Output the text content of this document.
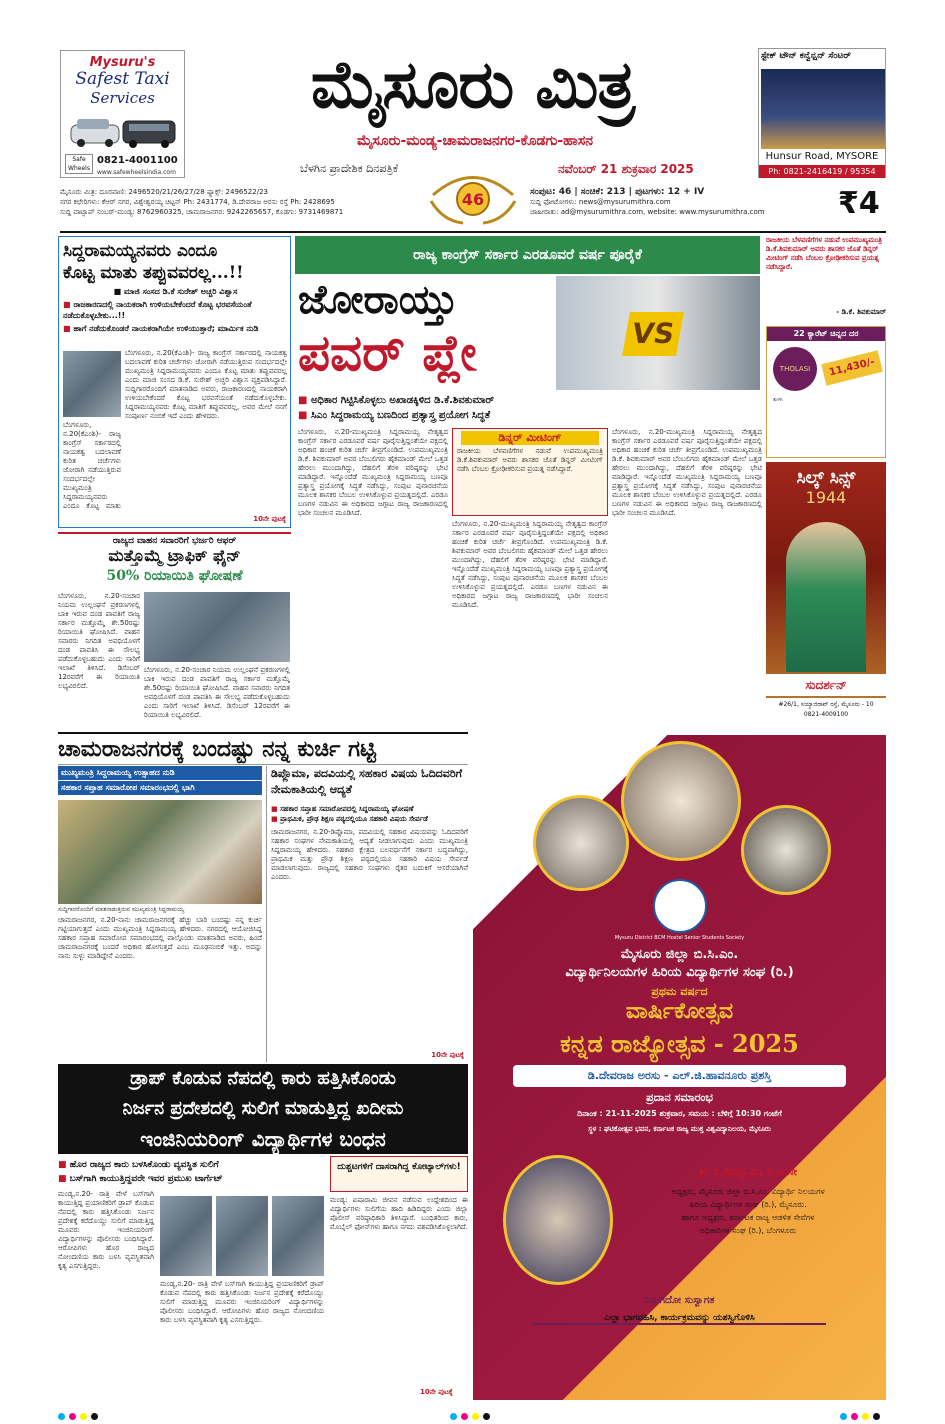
Mysuru's
Safest Taxi
Services
Safe Wheels
0821-4001100
www.safewheelsindia.com
ಮೈಸೂರು ಮಿತ್ರ
ಮೈಸೂರು-ಮಂಡ್ಯ-ಚಾಮರಾಜನಗರ-ಕೊಡಗು-ಹಾಸನ
ಬೆಳಗಿನ ಪ್ರಾದೇಶಿಕ ದಿನಪತ್ರಿಕೆ	ನವೆಂಬರ್ 21 ಶುಕ್ರವಾರ 2025
46
ಸ್ಟೇಕ್ ಟೌನ್ ಕನ್ವೆನ್ಷನ್ ಸೆಂಟರ್
Hunsur Road, MYSORE
Ph: 0821-2416419 / 95354 91919
ಮೈಸೂರು ಮಿತ್ರ: ದೂರವಾಣಿ: 2496520/21/26/27/28 ಫ್ಯಾಕ್ಸ್: 2496522/23
ನಗರ ಕಛೇರಿಗಳು: ಕೆಆರ್ ನಗರ, ವಿಶ್ವೇಶ್ವರಯ್ಯ ಚಿಟ್ಟನ್ Ph: 2431774, ಡಿ.ದೇವರಾಜ ಅರಸು ರಸ್ತೆ Ph: 2428695
ಸುದ್ದಿ ವಾಟ್ಸಾಪ್ ನಂಬರ್-ಮಂಡ್ಯ: 8762960325, ಚಾಮರಾಜನಗರ: 9242265657, ಕೊಡಗು: 9731469871
ಸಂಪುಟ: 46 | ಸಂಚಿಕೆ: 213 | ಪುಟಗಳು: 12 + IV
ಸುದ್ದಿ ಫೋಟೋಗಳು: news@mysurumithra.com
ಜಾಹೀರಾತು: ad@mysurumithra.com, website: www.mysurumithra.com	₹4
ಸಿದ್ದರಾಮಯ್ಯನವರು ಎಂದೂ
ಕೊಟ್ಟ ಮಾತು ತಪ್ಪುವವರಲ್ಲ...!!
■ ಮಾಜಿ ಸಂಸದ ಡಿ.ಕೆ ಸುರೇಶ್ ಅಚ್ಚರಿ ವಿಶ್ವಾಸ
■ ರಾಜಕಾರಣದಲ್ಲಿ ನಾಯಕರಾಗಿ ಉಳಿಯಬೇಕೆಂದರೆ ಕೊಟ್ಟ ಭರವಸೆಯಂತೆ ನಡೆದುಕೊಳ್ಳಬೇಕು...!!
■ ಹಾಗೆ ನಡೆದುಕೊಂಡರೆ ನಾಯಕರಾಗಿಯೇ ಉಳಿಯುತ್ತಾರೆ; ಮಾರ್ಮಿಕ ನುಡಿ
ಬೆಂಗಳೂರು, ನ.20(ಕೆಎಂಶಿ)- ರಾಜ್ಯ ಕಾಂಗ್ರೆಸ್ ಸರ್ಕಾರದಲ್ಲಿ ನಾಯಕತ್ವ ಬದಲಾವಣೆ ಕುರಿತ ಚರ್ಚೆಗಳು ಜೋರಾಗಿ ನಡೆಯುತ್ತಿರುವ ಸಂದರ್ಭದಲ್ಲೇ ಮುಖ್ಯಮಂತ್ರಿ ಸಿದ್ದರಾಮಯ್ಯನವರು ಎಂದೂ ಕೊಟ್ಟ ಮಾತು ತಪ್ಪುವವರಲ್ಲ ಎಂದು ಮಾಜಿ ಸಂಸದ ಡಿ.ಕೆ. ಸುರೇಶ್ ಅಚ್ಚರಿ ವಿಶ್ವಾಸ ವ್ಯಕ್ತಪಡಿಸಿದ್ದಾರೆ. ಸುದ್ದಿಗಾರರೊಂದಿಗೆ ಮಾತನಾಡಿದ ಅವರು, ರಾಜಕಾರಣದಲ್ಲಿ ನಾಯಕರಾಗಿ ಉಳಿಯಬೇಕೆಂದರೆ ಕೊಟ್ಟ ಭರವಸೆಯಂತೆ ನಡೆದುಕೊಳ್ಳಬೇಕು. ಸಿದ್ದರಾಮಯ್ಯನವರು ಕೊಟ್ಟ ಮಾತಿಗೆ ತಪ್ಪುವವರಲ್ಲ, ಅವರ ಮೇಲೆ ನನಗೆ ಸಂಪೂರ್ಣ ನಂಬಿಕೆ ಇದೆ ಎಂದು ಹೇಳಿದರು.
ಬೆಂಗಳೂರು, ನ.20(ಕೆಎಂಶಿ)- ರಾಜ್ಯ ಕಾಂಗ್ರೆಸ್ ಸರ್ಕಾರದಲ್ಲಿ ನಾಯಕತ್ವ ಬದಲಾವಣೆ ಕುರಿತ ಚರ್ಚೆಗಳು ಜೋರಾಗಿ ನಡೆಯುತ್ತಿರುವ ಸಂದರ್ಭದಲ್ಲೇ ಮುಖ್ಯಮಂತ್ರಿ ಸಿದ್ದರಾಮಯ್ಯನವರು ಎಂದೂ ಕೊಟ್ಟ ಮಾತು
10ನೇ ಪುಟಕ್ಕೆ
ರಾಜ್ಯ ಕಾಂಗ್ರೆಸ್ ಸರ್ಕಾರ ಎರಡೂವರೆ ವರ್ಷ ಪೂರೈಕೆ
ಜೋರಾಯ್ತು
ಪವರ್ ಪ್ಲೇ	VS
■ ಅಧಿಕಾರ ಗಿಟ್ಟಿಸಿಕೊಳ್ಳಲು ಅಖಾಡಕ್ಕಿಳಿದ ಡಿ.ಕೆ.ಶಿವಕುಮಾರ್
■ ಸಿಎಂ ಸಿದ್ದರಾಮಯ್ಯ ಬಣದಿಂದ ಪ್ರತ್ಯಾಸ್ತ್ರ ಪ್ರಯೋಗ ಸಿದ್ಧತೆ
ಬೆಂಗಳೂರು, ನ.20-ಮುಖ್ಯಮಂತ್ರಿ ಸಿದ್ದರಾಮಯ್ಯ ನೇತೃತ್ವದ ಕಾಂಗ್ರೆಸ್ ಸರ್ಕಾರ ಎರಡೂವರೆ ವರ್ಷ ಪೂರೈಸುತ್ತಿದ್ದಂತೆಯೇ ಪಕ್ಷದಲ್ಲಿ ಅಧಿಕಾರ ಹಂಚಿಕೆ ಕುರಿತ ಚರ್ಚೆ ತೀವ್ರಗೊಂಡಿದೆ. ಉಪಮುಖ್ಯಮಂತ್ರಿ ಡಿ.ಕೆ. ಶಿವಕುಮಾರ್ ಅವರ ಬೆಂಬಲಿಗರು ಹೈಕಮಾಂಡ್ ಮೇಲೆ ಒತ್ತಡ ಹೇರಲು ಮುಂದಾಗಿದ್ದು, ದೆಹಲಿಗೆ ತೆರಳಿ ವರಿಷ್ಠರನ್ನು ಭೇಟಿ ಮಾಡಿದ್ದಾರೆ. ಇನ್ನೊಂದೆಡೆ ಮುಖ್ಯಮಂತ್ರಿ ಸಿದ್ದರಾಮಯ್ಯ ಬಣವೂ ಪ್ರತ್ಯಾಸ್ತ್ರ ಪ್ರಯೋಗಕ್ಕೆ ಸಿದ್ಧತೆ ನಡೆಸಿದ್ದು, ಸಂಪುಟ ಪುನಾರಚನೆಯ ಮೂಲಕ ಶಾಸಕರ ಬೆಂಬಲ ಉಳಿಸಿಕೊಳ್ಳುವ ಪ್ರಯತ್ನದಲ್ಲಿದೆ. ಎರಡೂ ಬಣಗಳ ನಡುವಿನ ಈ ಅಧಿಕಾರದ ಜಗ್ಗಾಟ ರಾಜ್ಯ ರಾಜಕಾರಣದಲ್ಲಿ ಭಾರೀ ಸಂಚಲನ ಮೂಡಿಸಿದೆ.
ಡಿನ್ನರ್ ಮೀಟಿಂಗ್
ರಾಜಕೀಯ ಬೆಳವಣಿಗೆಗಳ ನಡುವೆ ಉಪಮುಖ್ಯಮಂತ್ರಿ ಡಿ.ಕೆ.ಶಿವಕುಮಾರ್ ಅವರು ಶಾಸಕರ ಜೊತೆ ಡಿನ್ನರ್ ಮೀಟಿಂಗ್ ನಡೆಸಿ ಬೆಂಬಲ ಕ್ರೋಢೀಕರಿಸುವ ಪ್ರಯತ್ನ ನಡೆಸಿದ್ದಾರೆ.
ಬೆಂಗಳೂರು, ನ.20-ಮುಖ್ಯಮಂತ್ರಿ ಸಿದ್ದರಾಮಯ್ಯ ನೇತೃತ್ವದ ಕಾಂಗ್ರೆಸ್ ಸರ್ಕಾರ ಎರಡೂವರೆ ವರ್ಷ ಪೂರೈಸುತ್ತಿದ್ದಂತೆಯೇ ಪಕ್ಷದಲ್ಲಿ ಅಧಿಕಾರ ಹಂಚಿಕೆ ಕುರಿತ ಚರ್ಚೆ ತೀವ್ರಗೊಂಡಿದೆ. ಉಪಮುಖ್ಯಮಂತ್ರಿ ಡಿ.ಕೆ. ಶಿವಕುಮಾರ್ ಅವರ ಬೆಂಬಲಿಗರು ಹೈಕಮಾಂಡ್ ಮೇಲೆ ಒತ್ತಡ ಹೇರಲು ಮುಂದಾಗಿದ್ದು, ದೆಹಲಿಗೆ ತೆರಳಿ ವರಿಷ್ಠರನ್ನು ಭೇಟಿ ಮಾಡಿದ್ದಾರೆ. ಇನ್ನೊಂದೆಡೆ ಮುಖ್ಯಮಂತ್ರಿ ಸಿದ್ದರಾಮಯ್ಯ ಬಣವೂ ಪ್ರತ್ಯಾಸ್ತ್ರ ಪ್ರಯೋಗಕ್ಕೆ ಸಿದ್ಧತೆ ನಡೆಸಿದ್ದು, ಸಂಪುಟ ಪುನಾರಚನೆಯ ಮೂಲಕ ಶಾಸಕರ ಬೆಂಬಲ ಉಳಿಸಿಕೊಳ್ಳುವ ಪ್ರಯತ್ನದಲ್ಲಿದೆ. ಎರಡೂ ಬಣಗಳ ನಡುವಿನ ಈ ಅಧಿಕಾರದ ಜಗ್ಗಾಟ ರಾಜ್ಯ ರಾಜಕಾರಣದಲ್ಲಿ ಭಾರೀ ಸಂಚಲನ ಮೂಡಿಸಿದೆ.
ಬೆಂಗಳೂರು, ನ.20-ಮುಖ್ಯಮಂತ್ರಿ ಸಿದ್ದರಾಮಯ್ಯ ನೇತೃತ್ವದ ಕಾಂಗ್ರೆಸ್ ಸರ್ಕಾರ ಎರಡೂವರೆ ವರ್ಷ ಪೂರೈಸುತ್ತಿದ್ದಂತೆಯೇ ಪಕ್ಷದಲ್ಲಿ ಅಧಿಕಾರ ಹಂಚಿಕೆ ಕುರಿತ ಚರ್ಚೆ ತೀವ್ರಗೊಂಡಿದೆ. ಉಪಮುಖ್ಯಮಂತ್ರಿ ಡಿ.ಕೆ. ಶಿವಕುಮಾರ್ ಅವರ ಬೆಂಬಲಿಗರು ಹೈಕಮಾಂಡ್ ಮೇಲೆ ಒತ್ತಡ ಹೇರಲು ಮುಂದಾಗಿದ್ದು, ದೆಹಲಿಗೆ ತೆರಳಿ ವರಿಷ್ಠರನ್ನು ಭೇಟಿ ಮಾಡಿದ್ದಾರೆ. ಇನ್ನೊಂದೆಡೆ ಮುಖ್ಯಮಂತ್ರಿ ಸಿದ್ದರಾಮಯ್ಯ ಬಣವೂ ಪ್ರತ್ಯಾಸ್ತ್ರ ಪ್ರಯೋಗಕ್ಕೆ ಸಿದ್ಧತೆ ನಡೆಸಿದ್ದು, ಸಂಪುಟ ಪುನಾರಚನೆಯ ಮೂಲಕ ಶಾಸಕರ ಬೆಂಬಲ ಉಳಿಸಿಕೊಳ್ಳುವ ಪ್ರಯತ್ನದಲ್ಲಿದೆ. ಎರಡೂ ಬಣಗಳ ನಡುವಿನ ಈ ಅಧಿಕಾರದ ಜಗ್ಗಾಟ ರಾಜ್ಯ ರಾಜಕಾರಣದಲ್ಲಿ ಭಾರೀ ಸಂಚಲನ ಮೂಡಿಸಿದೆ.
ರಾಜಕೀಯ ಬೆಳವಣಿಗೆಗಳ ನಡುವೆ ಉಪಮುಖ್ಯಮಂತ್ರಿ ಡಿ.ಕೆ.ಶಿವಕುಮಾರ್ ಅವರು ಶಾಸಕರ ಜೊತೆ ಡಿನ್ನರ್ ಮೀಟಿಂಗ್ ನಡೆಸಿ ಬೆಂಬಲ ಕ್ರೋಢೀಕರಿಸುವ ಪ್ರಯತ್ನ ನಡೆಸಿದ್ದಾರೆ.
- ಡಿ.ಕೆ. ಶಿವಕುಮಾರ್
22 ಕ್ಯಾರೆಟ್ ಚಿನ್ನದ ದರ
THOLASI	11,430/-
ತುಳಸಿ
ಸಿಲ್ಕ್ ಸಿನ್ಸ್
1944
ಸುದರ್ಶನ್
#26/1, ಸಯ್ಯಾಜಿರಾವ್ ರಸ್ತೆ, ಮೈಸೂರು - 10
0821-4009100
ರಾಜ್ಯದ ವಾಹನ ಸವಾರರಿಗೆ ಭರ್ಜರಿ ಆಫರ್
ಮತ್ತೊಮ್ಮೆ ಟ್ರಾಫಿಕ್ ಫೈನ್
50% ರಿಯಾಯಿತಿ ಘೋಷಣೆ
ಬೆಂಗಳೂರು, ನ.20-ಸಂಚಾರ ನಿಯಮ ಉಲ್ಲಂಘನೆ ಪ್ರಕರಣಗಳಲ್ಲಿ ಬಾಕಿ ಇರುವ ದಂಡ ಪಾವತಿಗೆ ರಾಜ್ಯ ಸರ್ಕಾರ ಮತ್ತೊಮ್ಮೆ ಶೇ.50ರಷ್ಟು ರಿಯಾಯಿತಿ ಘೋಷಿಸಿದೆ. ವಾಹನ ಸವಾರರು ನಿಗದಿತ ಅವಧಿಯೊಳಗೆ ದಂಡ ಪಾವತಿಸಿ ಈ ಸೌಲಭ್ಯ ಪಡೆದುಕೊಳ್ಳಬಹುದು ಎಂದು ಸಾರಿಗೆ ಇಲಾಖೆ ತಿಳಿಸಿದೆ. ಡಿಸೆಂಬರ್ 12ರವರೆಗೆ ಈ ರಿಯಾಯಿತಿ ಲಭ್ಯವಿರಲಿದೆ.
ಬೆಂಗಳೂರು, ನ.20-ಸಂಚಾರ ನಿಯಮ ಉಲ್ಲಂಘನೆ ಪ್ರಕರಣಗಳಲ್ಲಿ ಬಾಕಿ ಇರುವ ದಂಡ ಪಾವತಿಗೆ ರಾಜ್ಯ ಸರ್ಕಾರ ಮತ್ತೊಮ್ಮೆ ಶೇ.50ರಷ್ಟು ರಿಯಾಯಿತಿ ಘೋಷಿಸಿದೆ. ವಾಹನ ಸವಾರರು ನಿಗದಿತ ಅವಧಿಯೊಳಗೆ ದಂಡ ಪಾವತಿಸಿ ಈ ಸೌಲಭ್ಯ ಪಡೆದುಕೊಳ್ಳಬಹುದು ಎಂದು ಸಾರಿಗೆ ಇಲಾಖೆ ತಿಳಿಸಿದೆ. ಡಿಸೆಂಬರ್ 12ರವರೆಗೆ ಈ ರಿಯಾಯಿತಿ ಲಭ್ಯವಿರಲಿದೆ.
ಚಾಮರಾಜನಗರಕ್ಕೆ ಬಂದಷ್ಟು ನನ್ನ ಕುರ್ಚಿ ಗಟ್ಟಿ
ಮುಖ್ಯಮಂತ್ರಿ ಸಿದ್ದರಾಮಯ್ಯ ಉತ್ಸಾಹದ ನುಡಿ
ಸಹಕಾರ ಸಪ್ತಾಹ ಸಮಾರೋಪ ಸಮಾರಂಭದಲ್ಲಿ ಭಾಗಿ
ಸುದ್ದಿಗಾರರೊಂದಿಗೆ ಮಾತನಾಡುತ್ತಿರುವ ಮುಖ್ಯಮಂತ್ರಿ ಸಿದ್ದರಾಮಯ್ಯ
ಚಾಮರಾಜನಗರ, ನ.20-ನಾನು ಚಾಮರಾಜನಗರಕ್ಕೆ ಹೆಚ್ಚು ಬಾರಿ ಬಂದಷ್ಟು ನನ್ನ ಕುರ್ಚಿ ಗಟ್ಟಿಯಾಗುತ್ತದೆ ಎಂದು ಮುಖ್ಯಮಂತ್ರಿ ಸಿದ್ದರಾಮಯ್ಯ ಹೇಳಿದರು. ನಗರದಲ್ಲಿ ಆಯೋಜಿಸಿದ್ದ ಸಹಕಾರ ಸಪ್ತಾಹ ಸಮಾರೋಪ ಸಮಾರಂಭದಲ್ಲಿ ಪಾಲ್ಗೊಂಡು ಮಾತನಾಡಿದ ಅವರು, ಹಿಂದೆ ಚಾಮರಾಜನಗರಕ್ಕೆ ಬಂದರೆ ಅಧಿಕಾರ ಹೋಗುತ್ತದೆ ಎಂಬ ಮೂಢನಂಬಿಕೆ ಇತ್ತು. ಅದನ್ನು ನಾನು ಸುಳ್ಳು ಮಾಡಿದ್ದೇನೆ ಎಂದರು.
ಡಿಪ್ಲೊಮಾ, ಪದವಿಯಲ್ಲಿ ಸಹಕಾರ ವಿಷಯ ಓದಿದವರಿಗೆ ನೇಮಕಾತಿಯಲ್ಲಿ ಆದ್ಯತೆ
■ ಸಹಕಾರ ಸಪ್ತಾಹ ಸಮಾರೋಪದಲ್ಲಿ ಸಿದ್ದರಾಮಯ್ಯ ಘೋಷಣೆ
■ ಪ್ರಾಥಮಿಕ, ಪ್ರೌಢ ಶಿಕ್ಷಣ ಪಠ್ಯದಲ್ಲಿಯೂ ಸಹಕಾರಿ ವಿಷಯ ಸೇರ್ಪಡೆ
ಚಾಮರಾಜನಗರ, ನ.20-ಡಿಪ್ಲೊಮಾ, ಪದವಿಯಲ್ಲಿ ಸಹಕಾರ ವಿಷಯವನ್ನು ಓದಿದವರಿಗೆ ಸಹಕಾರ ಸಂಘಗಳ ನೇಮಕಾತಿಯಲ್ಲಿ ಆದ್ಯತೆ ನೀಡಲಾಗುವುದು ಎಂದು ಮುಖ್ಯಮಂತ್ರಿ ಸಿದ್ದರಾಮಯ್ಯ ಹೇಳಿದರು. ಸಹಕಾರ ಕ್ಷೇತ್ರದ ಬಲವರ್ಧನೆಗೆ ಸರ್ಕಾರ ಬದ್ಧವಾಗಿದ್ದು, ಪ್ರಾಥಮಿಕ ಮತ್ತು ಪ್ರೌಢ ಶಿಕ್ಷಣ ಪಠ್ಯದಲ್ಲಿಯೂ ಸಹಕಾರಿ ವಿಷಯ ಸೇರ್ಪಡೆ ಮಾಡಲಾಗುವುದು. ರಾಜ್ಯದಲ್ಲಿ ಸಹಕಾರ ಸಂಘಗಳು ರೈತರ ಬದುಕಿಗೆ ಆಸರೆಯಾಗಿವೆ ಎಂದರು.
10ನೇ ಪುಟಕ್ಕೆ
ಡ್ರಾಪ್ ಕೊಡುವ ನೆಪದಲ್ಲಿ ಕಾರು ಹತ್ತಿಸಿಕೊಂಡು
ನಿರ್ಜನ ಪ್ರದೇಶದಲ್ಲಿ ಸುಲಿಗೆ ಮಾಡುತ್ತಿದ್ದ ಖದೀಮ
ಇಂಜಿನಿಯರಿಂಗ್ ವಿದ್ಯಾರ್ಥಿಗಳ ಬಂಧನ
■ ಹೊರ ರಾಜ್ಯದ ಕಾರು ಬಳಸಿಕೊಂಡು ವ್ಯವಸ್ಥಿತ ಸುಲಿಗೆ
■ ಬಸ್‌ಗಾಗಿ ಕಾಯುತ್ತಿದ್ದವರೇ ಇವರ ಪ್ರಮುಖ ಟಾರ್ಗೆಟ್
ದುಶ್ಚಟಗಳಿಗೆ ದಾಸರಾಗಿದ್ದ ಕೋಟ್ಯಾಲ್‌ಗಳು!
ಮಂಡ್ಯ,ನ.20- ರಾತ್ರಿ ವೇಳೆ ಬಸ್‌ಗಾಗಿ ಕಾಯುತ್ತಿದ್ದ ಪ್ರಯಾಣಿಕರಿಗೆ ಡ್ರಾಪ್ ಕೊಡುವ ನೆಪದಲ್ಲಿ ಕಾರು ಹತ್ತಿಸಿಕೊಂಡು ನಿರ್ಜನ ಪ್ರದೇಶಕ್ಕೆ ಕರೆದೊಯ್ದು ಸುಲಿಗೆ ಮಾಡುತ್ತಿದ್ದ ಮೂವರು ಇಂಜಿನಿಯರಿಂಗ್ ವಿದ್ಯಾರ್ಥಿಗಳನ್ನು ಪೊಲೀಸರು ಬಂಧಿಸಿದ್ದಾರೆ. ಆರೋಪಿಗಳು ಹೊರ ರಾಜ್ಯದ ನೋಂದಣಿಯ ಕಾರು ಬಳಸಿ ವ್ಯವಸ್ಥಿತವಾಗಿ ಕೃತ್ಯ ಎಸಗುತ್ತಿದ್ದರು.
ಮಂಡ್ಯ,ನ.20- ರಾತ್ರಿ ವೇಳೆ ಬಸ್‌ಗಾಗಿ ಕಾಯುತ್ತಿದ್ದ ಪ್ರಯಾಣಿಕರಿಗೆ ಡ್ರಾಪ್ ಕೊಡುವ ನೆಪದಲ್ಲಿ ಕಾರು ಹತ್ತಿಸಿಕೊಂಡು ನಿರ್ಜನ ಪ್ರದೇಶಕ್ಕೆ ಕರೆದೊಯ್ದು ಸುಲಿಗೆ ಮಾಡುತ್ತಿದ್ದ ಮೂವರು ಇಂಜಿನಿಯರಿಂಗ್ ವಿದ್ಯಾರ್ಥಿಗಳನ್ನು ಪೊಲೀಸರು ಬಂಧಿಸಿದ್ದಾರೆ. ಆರೋಪಿಗಳು ಹೊರ ರಾಜ್ಯದ ನೋಂದಣಿಯ ಕಾರು ಬಳಸಿ ವ್ಯವಸ್ಥಿತವಾಗಿ ಕೃತ್ಯ ಎಸಗುತ್ತಿದ್ದರು.
ಮಂಡ್ಯ: ಐಷಾರಾಮಿ ಜೀವನ ನಡೆಸುವ ಉದ್ದೇಶದಿಂದ ಈ ವಿದ್ಯಾರ್ಥಿಗಳು ಸುಲಿಗೆಯ ಹಾದಿ ಹಿಡಿದಿದ್ದರು ಎಂದು ಜಿಲ್ಲಾ ಪೊಲೀಸ್ ವರಿಷ್ಠಾಧಿಕಾರಿ ತಿಳಿಸಿದ್ದಾರೆ. ಬಂಧಿತರಿಂದ ಕಾರು, ಮೊಬೈಲ್ ಫೋನ್‌ಗಳು ಹಾಗೂ ನಗದು ವಶಪಡಿಸಿಕೊಳ್ಳಲಾಗಿದೆ.
10ನೇ ಪುಟಕ್ಕೆ
Mysuru District BCM Hostel Senior Students Society
ಮೈಸೂರು ಜಿಲ್ಲಾ ಬಿ.ಸಿ.ಎಂ.
ವಿದ್ಯಾರ್ಥಿನಿಲಯಗಳ ಹಿರಿಯ ವಿದ್ಯಾರ್ಥಿಗಳ ಸಂಘ (ರಿ.)
ಪ್ರಥಮ ವರ್ಷದ
ವಾರ್ಷಿಕೋತ್ಸವ
ಕನ್ನಡ ರಾಜ್ಯೋತ್ಸವ - 2025
ಡಿ.ದೇವರಾಜ ಅರಸು - ಎಲ್.ಜಿ.ಹಾವನೂರು ಪ್ರಶಸ್ತಿ
ಪ್ರದಾನ ಸಮಾರಂಭ
ದಿನಾಂಕ : 21-11-2025 ಶುಕ್ರವಾರ, ಸಮಯ : ಬೆಳಿಗ್ಗೆ 10:30 ಗಂಟೆಗೆ
ಸ್ಥಳ : ಘಟಿಕೋತ್ಸವ ಭವನ, ಕರ್ನಾಟಕ ರಾಜ್ಯ ಮುಕ್ತ ವಿಶ್ವವಿದ್ಯಾನಿಲಯ, ಮೈಸೂರು
ಶ್ರೀ ಬಿ.ಶಿವಸ್ವಾಮಿ, ಕ.ಆ.ಸೇ
ಅಧ್ಯಕ್ಷರು, ಮೈಸೂರು ಜಿಲ್ಲಾ ಬಿ.ಸಿ.ಎಂ. ವಿದ್ಯಾರ್ಥಿ ನಿಲಯಗಳ
ಹಿರಿಯ ವಿದ್ಯಾರ್ಥಿಗಳ ಸಂಘ (ರಿ.), ಮೈಸೂರು.
ಹಾಗೂ ಅಧ್ಯಕ್ಷರು, ಕರ್ನಾಟಕ ರಾಜ್ಯ ಆಡಳಿತ ಸೇವೆಗಳ
ಅಧಿಕಾರಿಗಳ ಸಂಘ (ರಿ.), ಬೆಂಗಳೂರು
ನಿಮಗಿದೋ ಸುಸ್ವಾಗತ
ಎಲ್ಲಾ ಭಾಗವಹಿಸಿ, ಕಾರ್ಯಕ್ರಮವನ್ನು ಯಶಸ್ವಿಗೊಳಿಸಿ
